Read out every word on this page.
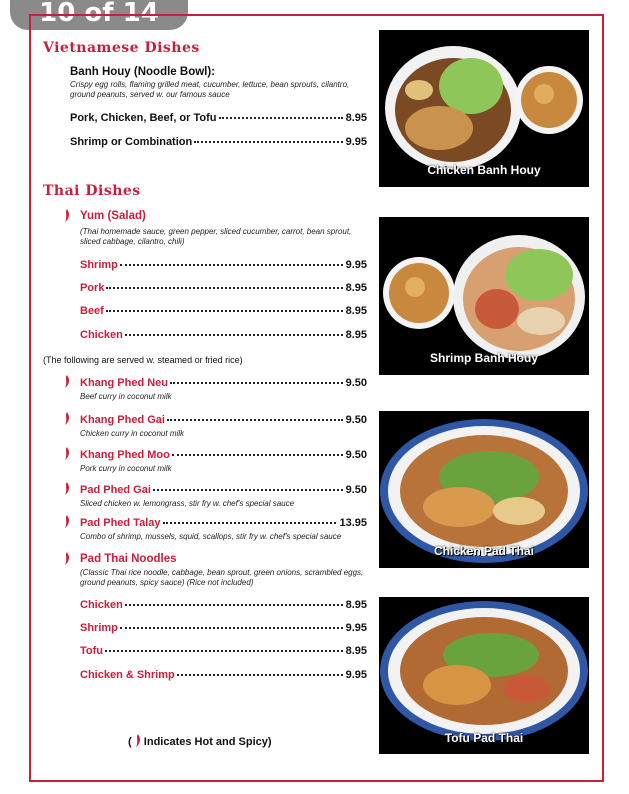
10 of 14
Vietnamese Dishes
Banh Houy (Noodle Bowl):
Crispy egg rolls, flaming grilled meat, cucumber, lettuce, bean sprouts, cilantro, ground peanuts, served w. our famous sauce
Pork, Chicken, Beef, or Tofu	8.95
Shrimp or Combination	9.95
Thai Dishes
Yum (Salad)
(Thai homemade sauce, green pepper, sliced cucumber, carrot, bean sprout, sliced cabbage, cilantro, chili)
Shrimp	9.95
Pork	8.95
Beef	8.95
Chicken	8.95
(The following are served w. steamed or fried rice)
Khang Phed Neu	9.50
Beef curry in coconut milk
Khang Phed Gai	9.50
Chicken curry in coconut milk
Khang Phed Moo	9.50
Pork curry in coconut milk
Pad Phed Gai	9.50
Sliced chicken w. lemongrass, stir fry w. chef's special sauce
Pad Phed Talay	13.95
Combo of shrimp, mussels, squid, scallops, stir fry w. chef's special sauce
Pad Thai Noodles
(Classic Thai rice noodle, cabbage, bean sprout, green onions, scrambled eggs, ground peanuts, spicy sauce) (Rice not included)
Chicken	8.95
Shrimp	9.95
Tofu	8.95
Chicken & Shrimp	9.95
( Indicates Hot and Spicy)
Chicken Banh Houy
Shrimp Banh Houy
Chicken Pad Thai
Tofu Pad Thai
